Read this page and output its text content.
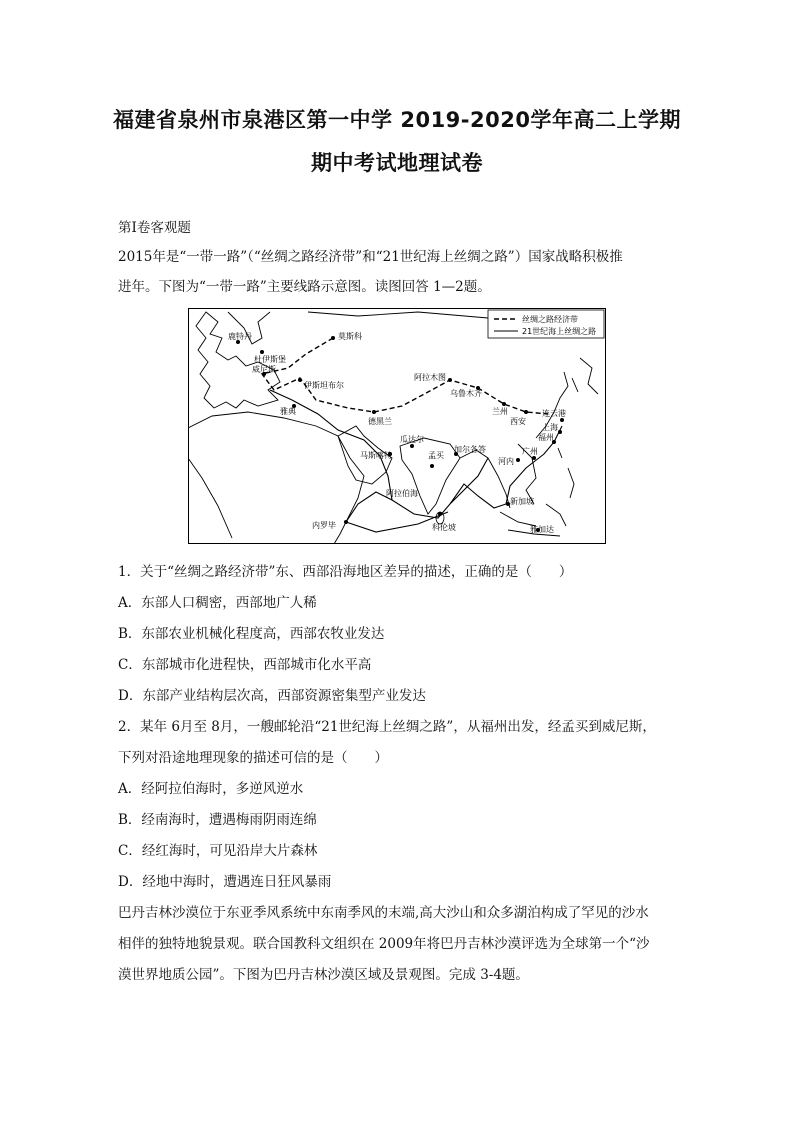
福建省泉州市泉港区第一中学 2019-2020学年高二上学期
期中考试地理试卷
第Ⅰ卷客观题
2015年是“一带一路”（“丝绸之路经济带”和“21世纪海上丝绸之路”）国家战略积极推
进年。下图为“一带一路”主要线路示意图。读图回答 1—2题。
丝绸之路经济带
21世纪海上丝绸之路
莫斯科
鹿特丹
杜伊斯堡
威尼斯
伊斯坦布尔
雅典
德黑兰
阿拉木图
乌鲁木齐
兰州
西安
连云港
上海
福州
广州
河内
瓜达尔
马斯喀特	孟买
加尔各答
阿拉伯海
科伦坡
新加坡
雅加达
内罗毕
1．关于“丝绸之路经济带”东、西部沿海地区差异的描述，正确的是（　　）
A．东部人口稠密，西部地广人稀
B．东部农业机械化程度高，西部农牧业发达
C．东部城市化进程快，西部城市化水平高
D．东部产业结构层次高，西部资源密集型产业发达
2．某年 6月至 8月，一艘邮轮沿“21世纪海上丝绸之路”，从福州出发，经孟买到威尼斯，
下列对沿途地理现象的描述可信的是（　　）
A．经阿拉伯海时，多逆风逆水
B．经南海时，遭遇梅雨阴雨连绵
C．经红海时，可见沿岸大片森林
D．经地中海时，遭遇连日狂风暴雨
巴丹吉林沙漠位于东亚季风系统中东南季风的末端,高大沙山和众多湖泊构成了罕见的沙水
相伴的独特地貌景观。联合国教科文组织在 2009年将巴丹吉林沙漠评选为全球第一个“沙
漠世界地质公园”。下图为巴丹吉林沙漠区域及景观图。完成 3-4题。
